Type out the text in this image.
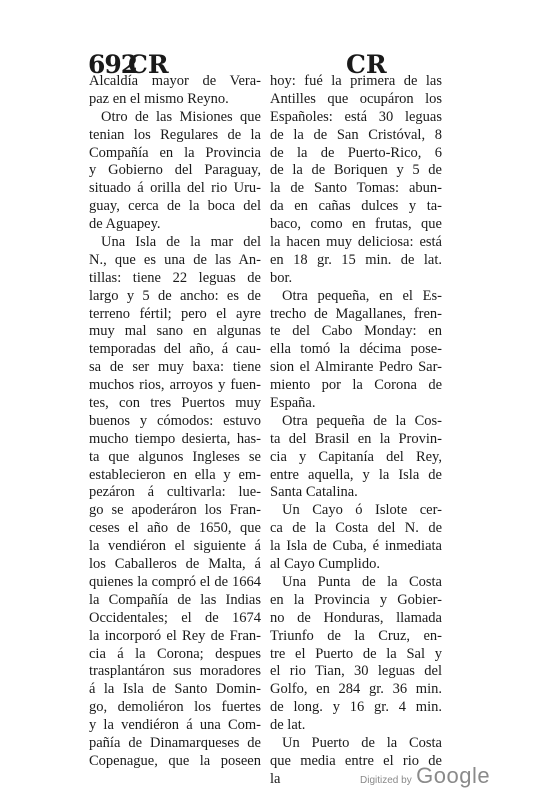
692
CR	CR
Alcaldía mayor de Vera-
paz en el mismo Reyno.
Otro de las Misiones que
tenian los Regulares de la
Compañía en la Provincia
y Gobierno del Paraguay,
situado á orilla del rio Uru-
guay, cerca de la boca del
de Aguapey.
Una Isla de la mar del
N., que es una de las An-
tillas: tiene 22 leguas de
largo y 5 de ancho: es de
terreno fértil; pero el ayre
muy mal sano en algunas
temporadas del año, á cau-
sa de ser muy baxa: tiene
muchos rios, arroyos y fuen-
tes, con tres Puertos muy
buenos y cómodos: estuvo
mucho tiempo desierta, has-
ta que algunos Ingleses se
establecieron en ella y em-
pezáron á cultivarla: lue-
go se apoderáron los Fran-
ceses el año de 1650, que
la vendiéron el siguiente á
los Caballeros de Malta, á
quienes la compró el de 1664
la Compañía de las Indias
Occidentales; el de 1674
la incorporó el Rey de Fran-
cia á la Corona; despues
trasplantáron sus moradores
á la Isla de Santo Domin-
go, demoliéron los fuertes
y la vendiéron á una Com-
pañía de Dinamarqueses de
Copenague, que la poseen
hoy: fué la primera de las
Antilles que ocupáron los
Españoles: está 30 leguas
de la de San Cristóval, 8
de la de Puerto-Rico, 6
de la de Boriquen y 5 de
la de Santo Tomas: abun-
da en cañas dulces y ta-
baco, como en frutas, que
la hacen muy deliciosa: está
en 18 gr. 15 min. de lat.
bor.
Otra pequeña, en el Es-
trecho de Magallanes, fren-
te del Cabo Monday: en
ella tomó la décima pose-
sion el Almirante Pedro Sar-
miento por la Corona de
España.
Otra pequeña de la Cos-
ta del Brasil en la Provin-
cia y Capitanía del Rey,
entre aquella, y la Isla de
Santa Catalina.
Un Cayo ó Islote cer-
ca de la Costa del N. de
la Isla de Cuba, é inmediata
al Cayo Cumplido.
Una Punta de la Costa
en la Provincia y Gobier-
no de Honduras, llamada
Triunfo de la Cruz, en-
tre el Puerto de la Sal y
el rio Tian, 30 leguas del
Golfo, en 284 gr. 36 min.
de long. y 16 gr. 4 min.
de lat.
Un Puerto de la Costa
que media entre el rio de
la	Digitized by Google
